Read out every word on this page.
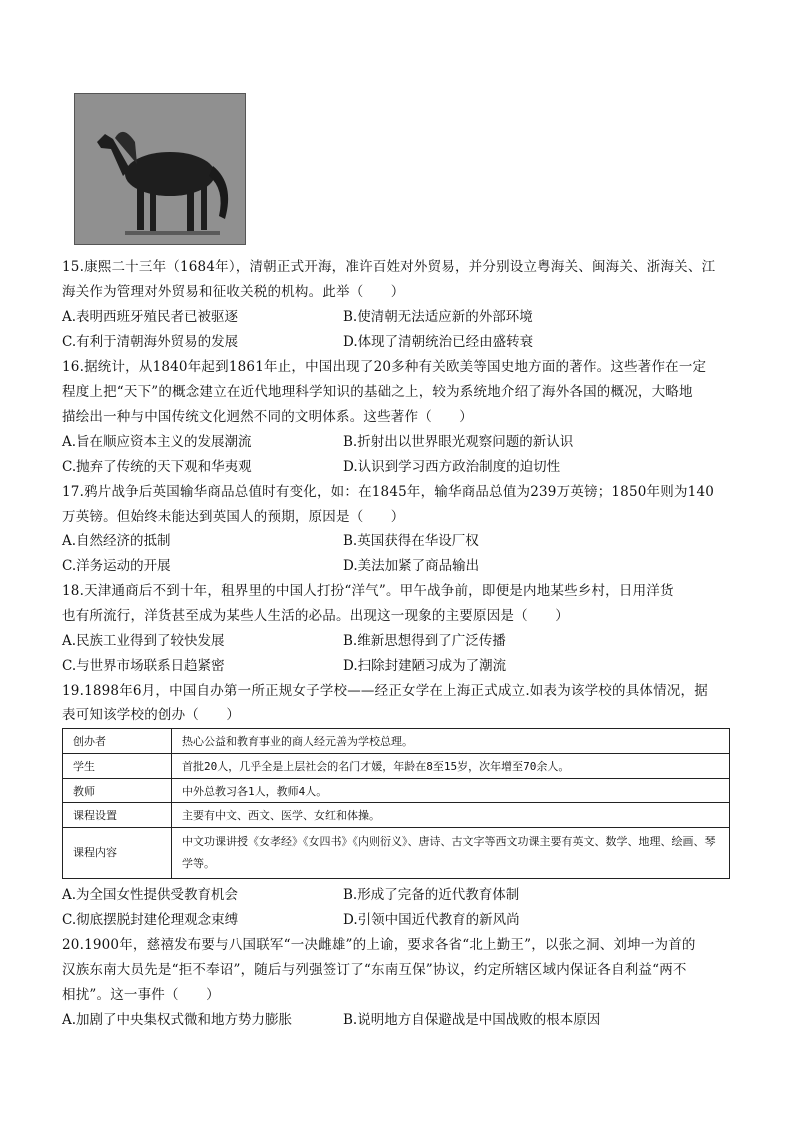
15.康熙二十三年（1684年），清朝正式开海，准许百姓对外贸易，并分别设立粤海关、闽海关、浙海关、江
海关作为管理对外贸易和征收关税的机构。此举（　　）
A.表明西班牙殖民者已被驱逐	B.使清朝无法适应新的外部环境
C.有利于清朝海外贸易的发展	D.体现了清朝统治已经由盛转衰
16.据统计，从1840年起到1861年止，中国出现了20多种有关欧美等国史地方面的著作。这些著作在一定
程度上把“天下”的概念建立在近代地理科学知识的基础之上，较为系统地介绍了海外各国的概况，大略地
描绘出一种与中国传统文化迥然不同的文明体系。这些著作（　　）
A.旨在顺应资本主义的发展潮流	B.折射出以世界眼光观察问题的新认识
C.抛弃了传统的天下观和华夷观	D.认识到学习西方政治制度的迫切性
17.鸦片战争后英国输华商品总值时有变化，如：在1845年，输华商品总值为239万英镑；1850年则为140
万英镑。但始终未能达到英国人的预期，原因是（　　）
A.自然经济的抵制	B.英国获得在华设厂权
C.洋务运动的开展	D.美法加紧了商品输出
18.天津通商后不到十年，租界里的中国人打扮“洋气”。甲午战争前，即便是内地某些乡村，日用洋货
也有所流行，洋货甚至成为某些人生活的必品。出现这一现象的主要原因是（　　）
A.民族工业得到了较快发展	B.维新思想得到了广泛传播
C.与世界市场联系日趋紧密	D.扫除封建陋习成为了潮流
19.1898年6月，中国自办第一所正规女子学校——经正女学在上海正式成立.如表为该学校的具体情况，据
表可知该学校的创办（　　）
创办者	热心公益和教育事业的商人经元善为学校总理。
学生	首批20人，几乎全是上层社会的名门才媛，年龄在8至15岁，次年增至70余人。
教师	中外总教习各1人，教师4人。
课程设置	主要有中文、西文、医学、女红和体操。
课程内容	中文功课讲授《女孝经》《女四书》《内则衍义》、唐诗、古文字等西文功课主要有英文、数学、地理、绘画、琴学等。
A.为全国女性提供受教育机会	B.形成了完备的近代教育体制
C.彻底摆脱封建伦理观念束缚	D.引领中国近代教育的新风尚
20.1900年，慈禧发布要与八国联军“一决雌雄”的上谕，要求各省“北上勤王”，以张之洞、刘坤一为首的
汉族东南大员先是“拒不奉诏”，随后与列强签订了“东南互保”协议，约定所辖区域内保证各自利益“两不
相扰”。这一事件（　　）
A.加剧了中央集权式微和地方势力膨胀	B.说明地方自保避战是中国战败的根本原因
